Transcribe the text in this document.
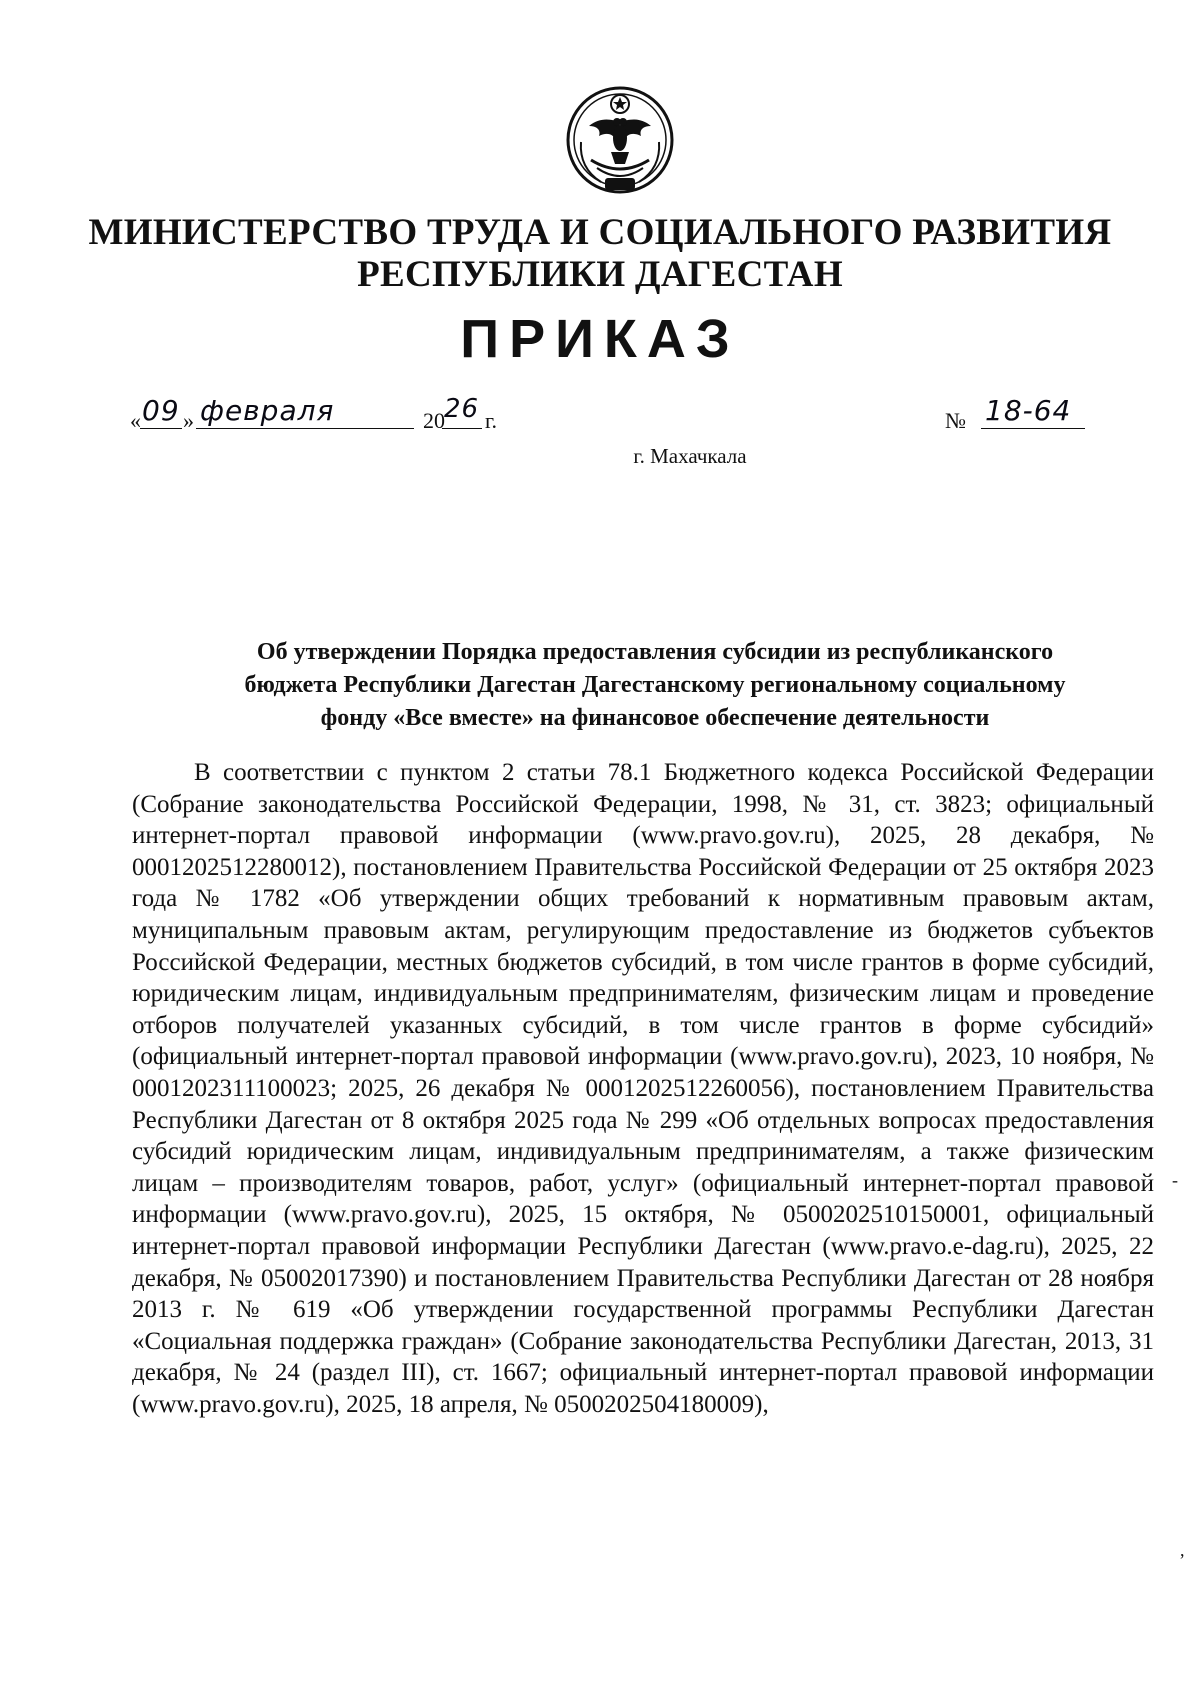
МИНИСТЕРСТВО ТРУДА И СОЦИАЛЬНОГО РАЗВИТИЯ
РЕСПУБЛИКИ ДАГЕСТАН
ПРИКАЗ
« 09 » февраля	20 26 г.	№ 18-64
г. Махачкала
Об утверждении Порядка предоставления субсидии из республиканского
бюджета Республики Дагестан Дагестанскому региональному социальному
фонду «Все вместе» на финансовое обеспечение деятельности

В соответствии с пунктом 2 статьи 78.1 Бюджетного кодекса Российской Федерации (Собрание законодательства Российской Федерации, 1998, № 31, ст. 3823; официальный интернет-портал правовой информации (www.pravo.gov.ru), 2025, 28 декабря, № 0001202512280012), постановлением Правительства Российской Федерации от 25 октября 2023 года № 1782 «Об утверждении общих требований к нормативным правовым актам, муниципальным правовым актам, регулирующим предоставление из бюджетов субъектов Российской Федерации, местных бюджетов субсидий, в том числе грантов в форме субсидий, юридическим лицам, индивидуальным предпринимателям, физическим лицам и проведение отборов получателей указанных субсидий, в том числе грантов в форме субсидий» (официальный интернет-портал правовой информации (www.pravo.gov.ru), 2023, 10 ноября, № 0001202311100023; 2025, 26 декабря № 0001202512260056), постановлением Правительства Республики Дагестан от 8 октября 2025 года № 299 «Об отдельных вопросах предоставления субсидий юридическим лицам, индивидуальным предпринимателям, а также физическим лицам – производителям товаров, работ, услуг» (официальный интернет-портал правовой информации (www.pravo.gov.ru), 2025, 15 октября, № 0500202510150001, официальный интернет-портал правовой информации Республики Дагестан (www.pravo.e-dag.ru), 2025, 22 декабря, № 05002017390) и постановлением Правительства Республики Дагестан от 28 ноября 2013 г. № 619 «Об утверждении государственной программы Республики Дагестан «Социальная поддержка граждан» (Собрание законодательства Республики Дагестан, 2013, 31 декабря, № 24 (раздел III), ст. 1667; официальный интернет-портал правовой информации (www.pravo.gov.ru), 2025, 18 апреля, № 0500202504180009),

-
,
